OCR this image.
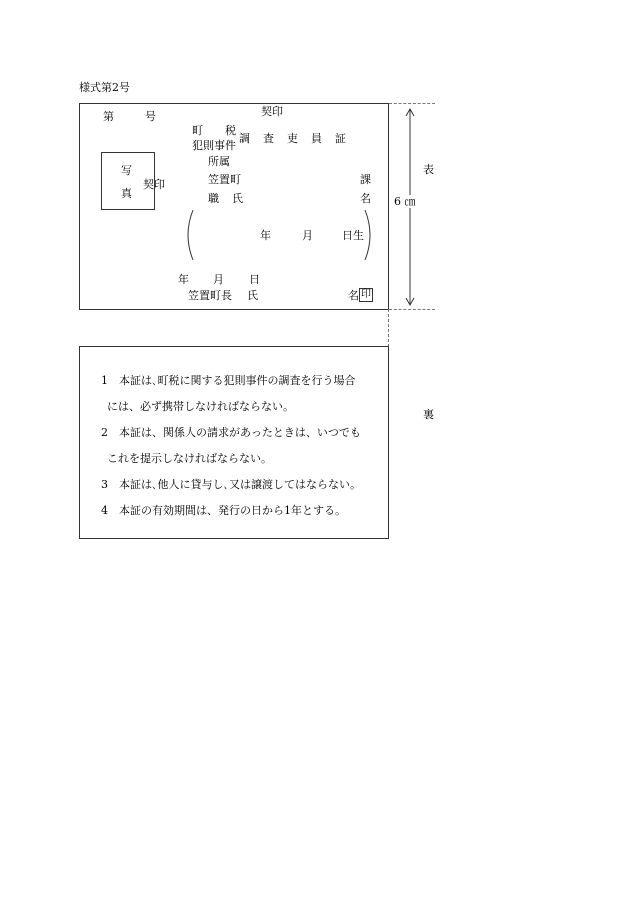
様式第2号
第	号	契印
町　　税
犯則事件
調　査　吏　員　証
所属
笠置町	課
職 氏	名
写
真
契印
年	月	日生
年 月 日
笠置町長 氏	名 印
6 ㎝
表
1　本証は､町税に関する犯則事件の調査を行う場合
には、必ず携帯しなければならない。
2　本証は、関係人の請求があったときは、いつでも
これを提示しなければならない。
3　本証は､他人に貸与し､又は譲渡してはならない。
4　本証の有効期間は、発行の日から1年とする。
裏
